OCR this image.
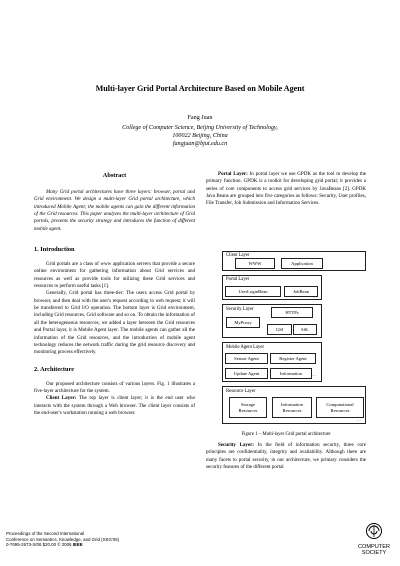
Multi-layer Grid Portal Architecture Based on Mobile Agent
Fang Juan
College of Computer Science, Beijing University of Technology,
100022 Beijing, China
fangjuan@bjut.edu.cn
Abstract

Many Grid portal architectures have three layers: browser, portal and Grid environment. We design a multi-layer Grid portal architecture, which introduced Mobile Agent; the mobile agents can gain the different information of the Grid resources. This paper analyzes the multi-layer architecture of Grid portals, presents the security strategy and introduces the function of different mobile agent.

1. Introduction

Grid portals are a class of www application servers that provide a secure online environment for gathering information about Grid services and resources as well as provide tools for utilizing these Grid services and resources to perform useful tasks [1].

Generally, Grid portal has three-tier: The users access Grid portal by browser, and then deal with the user's request according to web request; it will be transferred to Grid I/O operation. The bottom layer is Grid environment, including Grid resources, Grid software and so on. To obtain the information of all the heterogeneous resources, we added a layer between the Grid resources and Portal layer, it is Mobile Agent layer. The mobile agents can gather all the information of the Grid resources, and the introduction of mobile agent technology reduces the network traffic during the grid resource discovery and monitoring process effectively.

2. Architecture

Our proposed architecture consists of various layers. Fig. 1 illustrates a five-layer architecture for the system.

Client Layer: The top layer is client layer; it is the end user who interacts with the system through a Web browser. The client layer consists of the end-user's workstation running a web browser.

Portal Layer: In portal layer we use GPDK as the tool to develop the primary function. GPDK is a toolkit for developing grid portal; it provides a series of core components to access grid services by JavaBeans [2]. GPDK Java Beans are grouped into five categories as follows: Security, User profiles, File Transfer, Job Submission and Information Services.

Client Layer
WWW	Application
Portal Layer
UserLoginBean	JobBean
...
Security Layer
HTTPs
MyProxy
GSI	SSL
Mobile Agent Layer
Sensor Agent	Register Agent
Update Agent	Information	...
Resource Layer
Storage
Resources
Information
Resources
Computational
Resources
...
Figure 1 – Multi-layer Grid portal architecture

Security Layer: In the field of information security, three core principles are confidentiality, integrity and availability. Although there are many facets to portal security, in our architecture, we primary considers the security features of the different portal

Proceedings of the Second International
Conference on Semantics, Knowledge, and Grid (SKG'06)
0-7695-2673-X/06 $20.00 © 2006 IEEE	COMPUTER
SOCIETY
